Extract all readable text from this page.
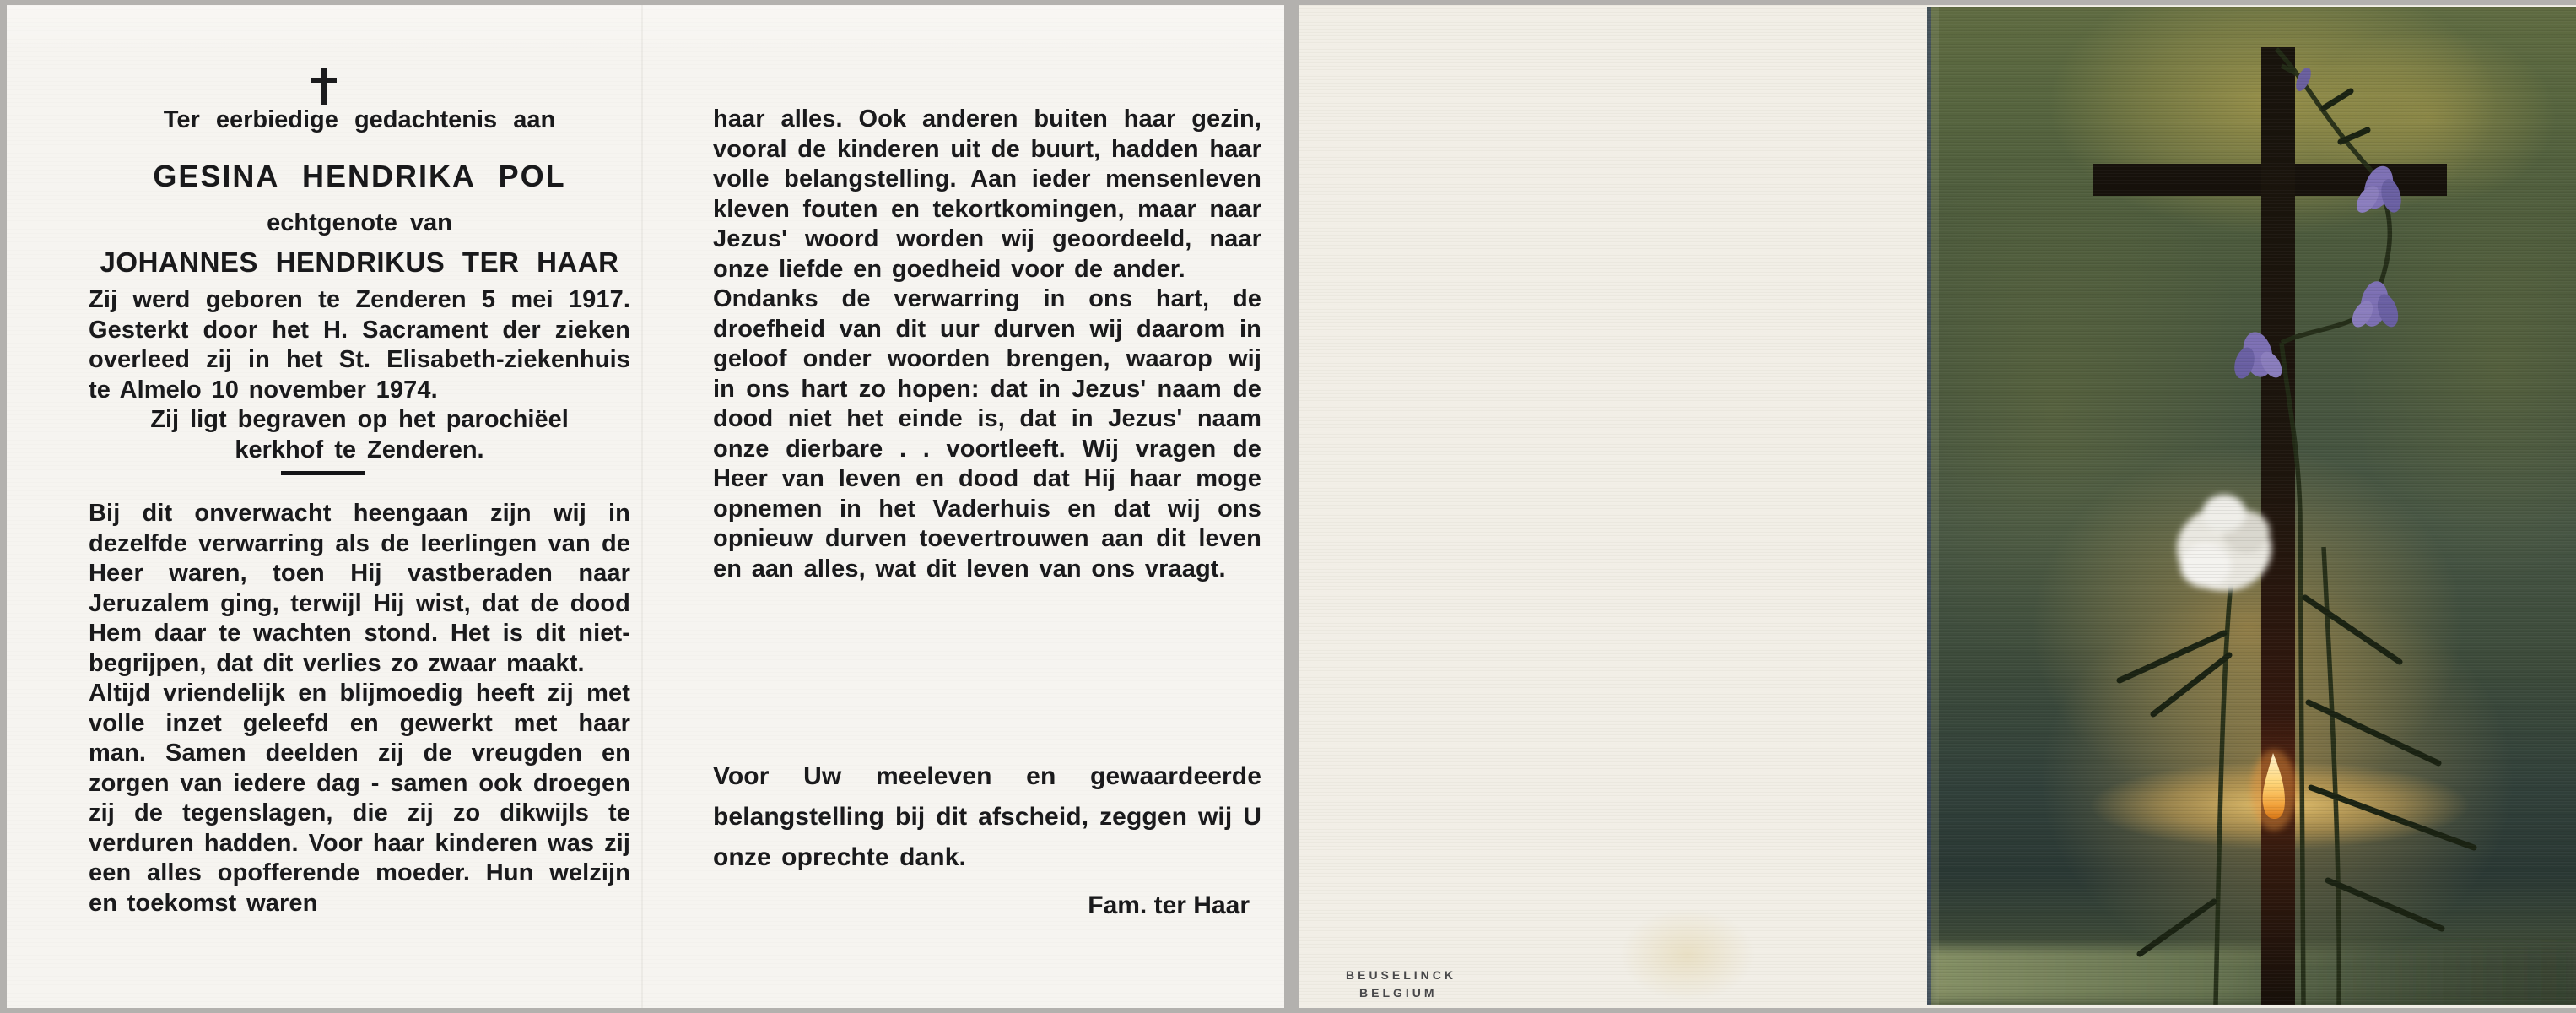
Ter eerbiedige gedachtenis aan
GESINA HENDRIKA POL
echtgenote van
JOHANNES HENDRIKUS TER HAAR

Zij werd geboren te Zenderen 5 mei 1917. Gesterkt door het H. Sacrament der zieken overleed zij in het St. Elisabeth-ziekenhuis te Almelo 10 november 1974.

Zij ligt begraven op het parochiëel
kerkhof te Zenderen.

Bij dit onverwacht heengaan zijn wij in dezelfde verwarring als de leerlingen van de Heer waren, toen Hij vastberaden naar Jeruzalem ging, terwijl Hij wist, dat de dood Hem daar te wachten stond. Het is dit niet-begrijpen, dat dit verlies zo zwaar maakt.

Altijd vriendelijk en blijmoedig heeft zij met volle inzet geleefd en gewerkt met haar man. Samen deelden zij de vreugden en zorgen van iedere dag - samen ook droegen zij de tegenslagen, die zij zo dikwijls te verduren hadden. Voor haar kinderen was zij een alles opofferende moeder. Hun welzijn en toekomst waren

haar alles. Ook anderen buiten haar gezin, vooral de kinderen uit de buurt, hadden haar volle belangstelling. Aan ieder mensenleven kleven fouten en tekortkomingen, maar naar Jezus' woord worden wij geoordeeld, naar onze liefde en goedheid voor de ander.

Ondanks de verwarring in ons hart, de droefheid van dit uur durven wij daarom in geloof onder woorden brengen, waarop wij in ons hart zo hopen: dat in Jezus' naam de dood niet het einde is, dat in Jezus' naam onze dierbare . . voortleeft. Wij vragen de Heer van leven en dood dat Hij haar moge opnemen in het Vaderhuis en dat wij ons opnieuw durven toevertrouwen aan dit leven en aan alles, wat dit leven van ons vraagt.

Voor Uw meeleven en gewaardeerde belangstelling bij dit afscheid, zeggen wij U onze oprechte dank.
Fam. ter Haar
BEUSELINCK
BELGIUM
